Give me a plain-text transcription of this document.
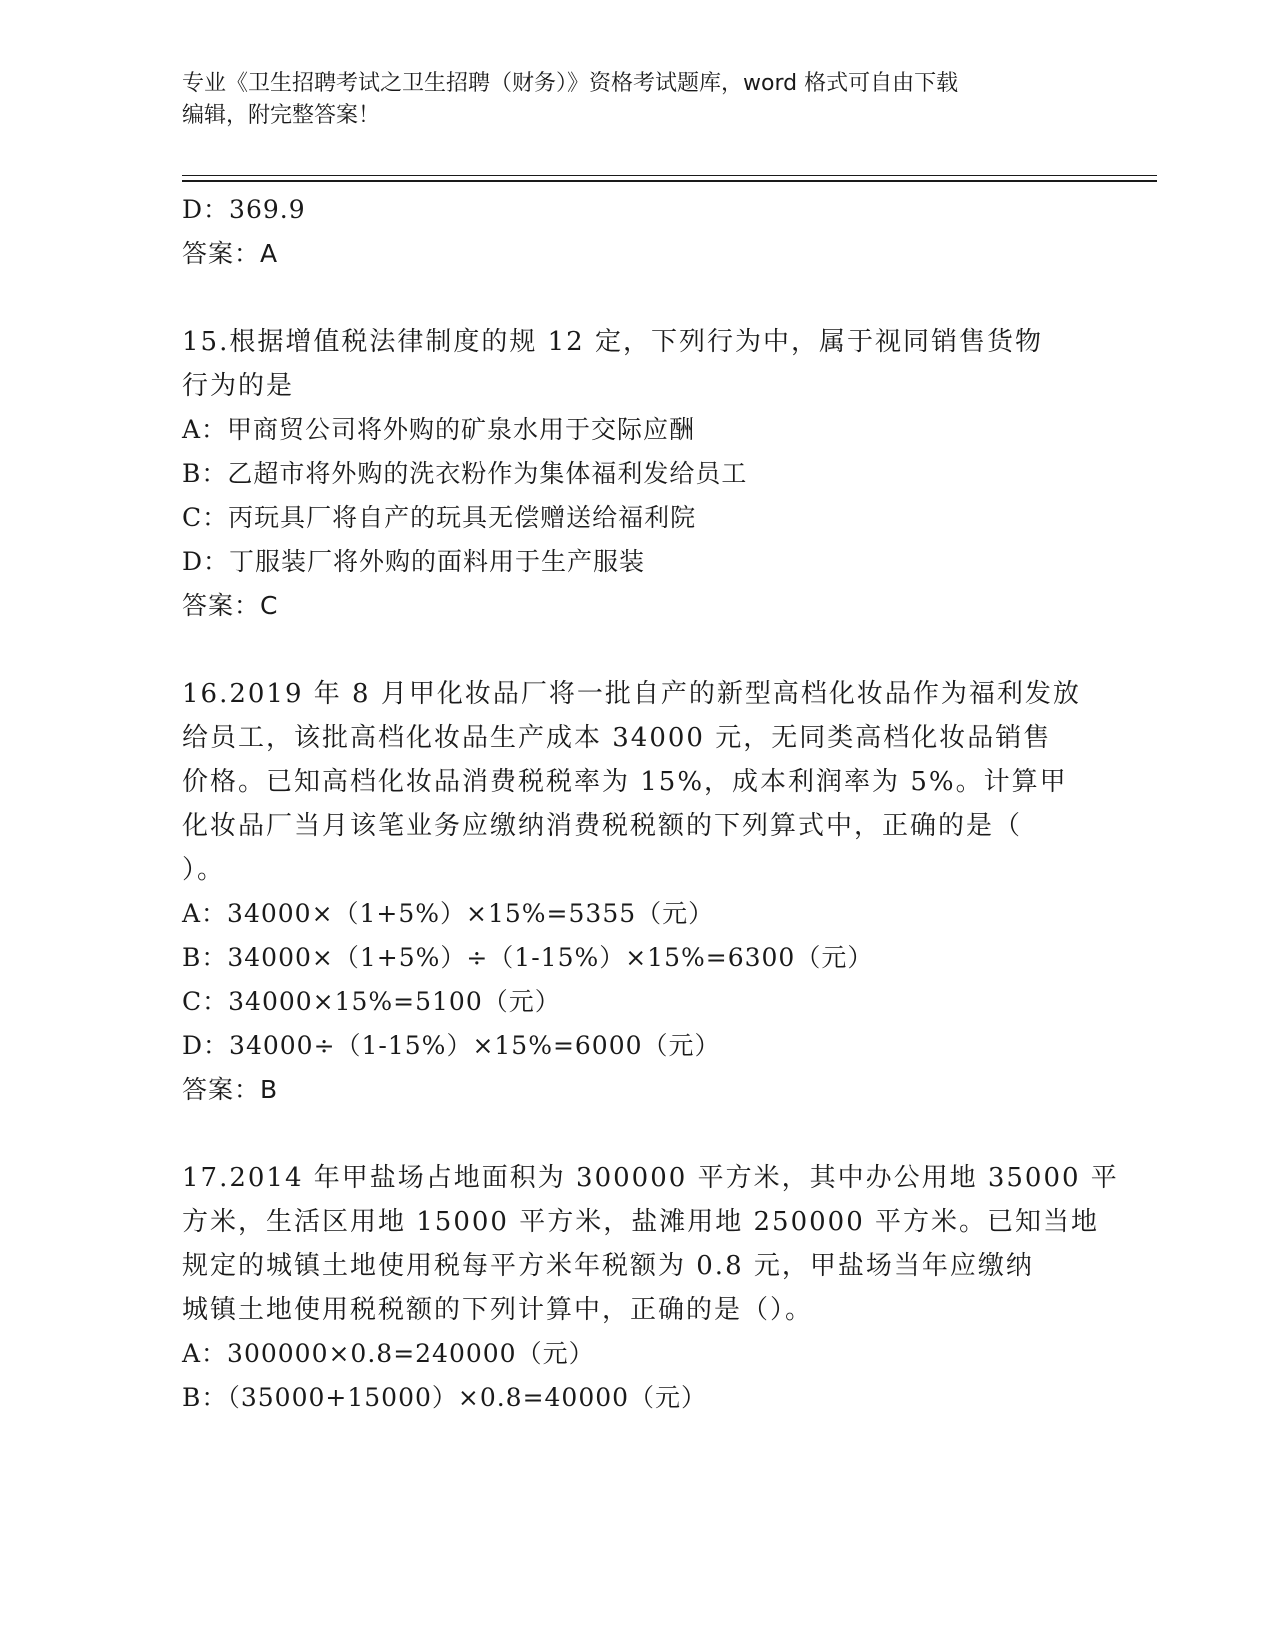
专业《卫生招聘考试之卫生招聘（财务）》资格考试题库，word 格式可自由下载
编辑，附完整答案！
D：369.9
答案：A
15.根据增值税法律制度的规 12 定，下列行为中，属于视同销售货物
行为的是
A：甲商贸公司将外购的矿泉水用于交际应酬
B：乙超市将外购的洗衣粉作为集体福利发给员工
C：丙玩具厂将自产的玩具无偿赠送给福利院
D：丁服装厂将外购的面料用于生产服装
答案：C
16.2019 年 8 月甲化妆品厂将一批自产的新型高档化妆品作为福利发放
给员工，该批高档化妆品生产成本 34000 元，无同类高档化妆品销售
价格。已知高档化妆品消费税税率为 15%，成本利润率为 5%。计算甲
化妆品厂当月该笔业务应缴纳消费税税额的下列算式中，正确的是（
）。
A：34000×（1+5%）×15%=5355（元）
B：34000×（1+5%）÷（1-15%）×15%=6300（元）
C：34000×15%=5100（元）
D：34000÷（1-15%）×15%=6000（元）
答案：B
17.2014 年甲盐场占地面积为 300000 平方米，其中办公用地 35000 平
方米，生活区用地 15000 平方米，盐滩用地 250000 平方米。已知当地
规定的城镇土地使用税每平方米年税额为 0.8 元，甲盐场当年应缴纳
城镇土地使用税税额的下列计算中，正确的是（）。
A：300000×0.8=240000（元）
B：（35000+15000）×0.8=40000（元）
